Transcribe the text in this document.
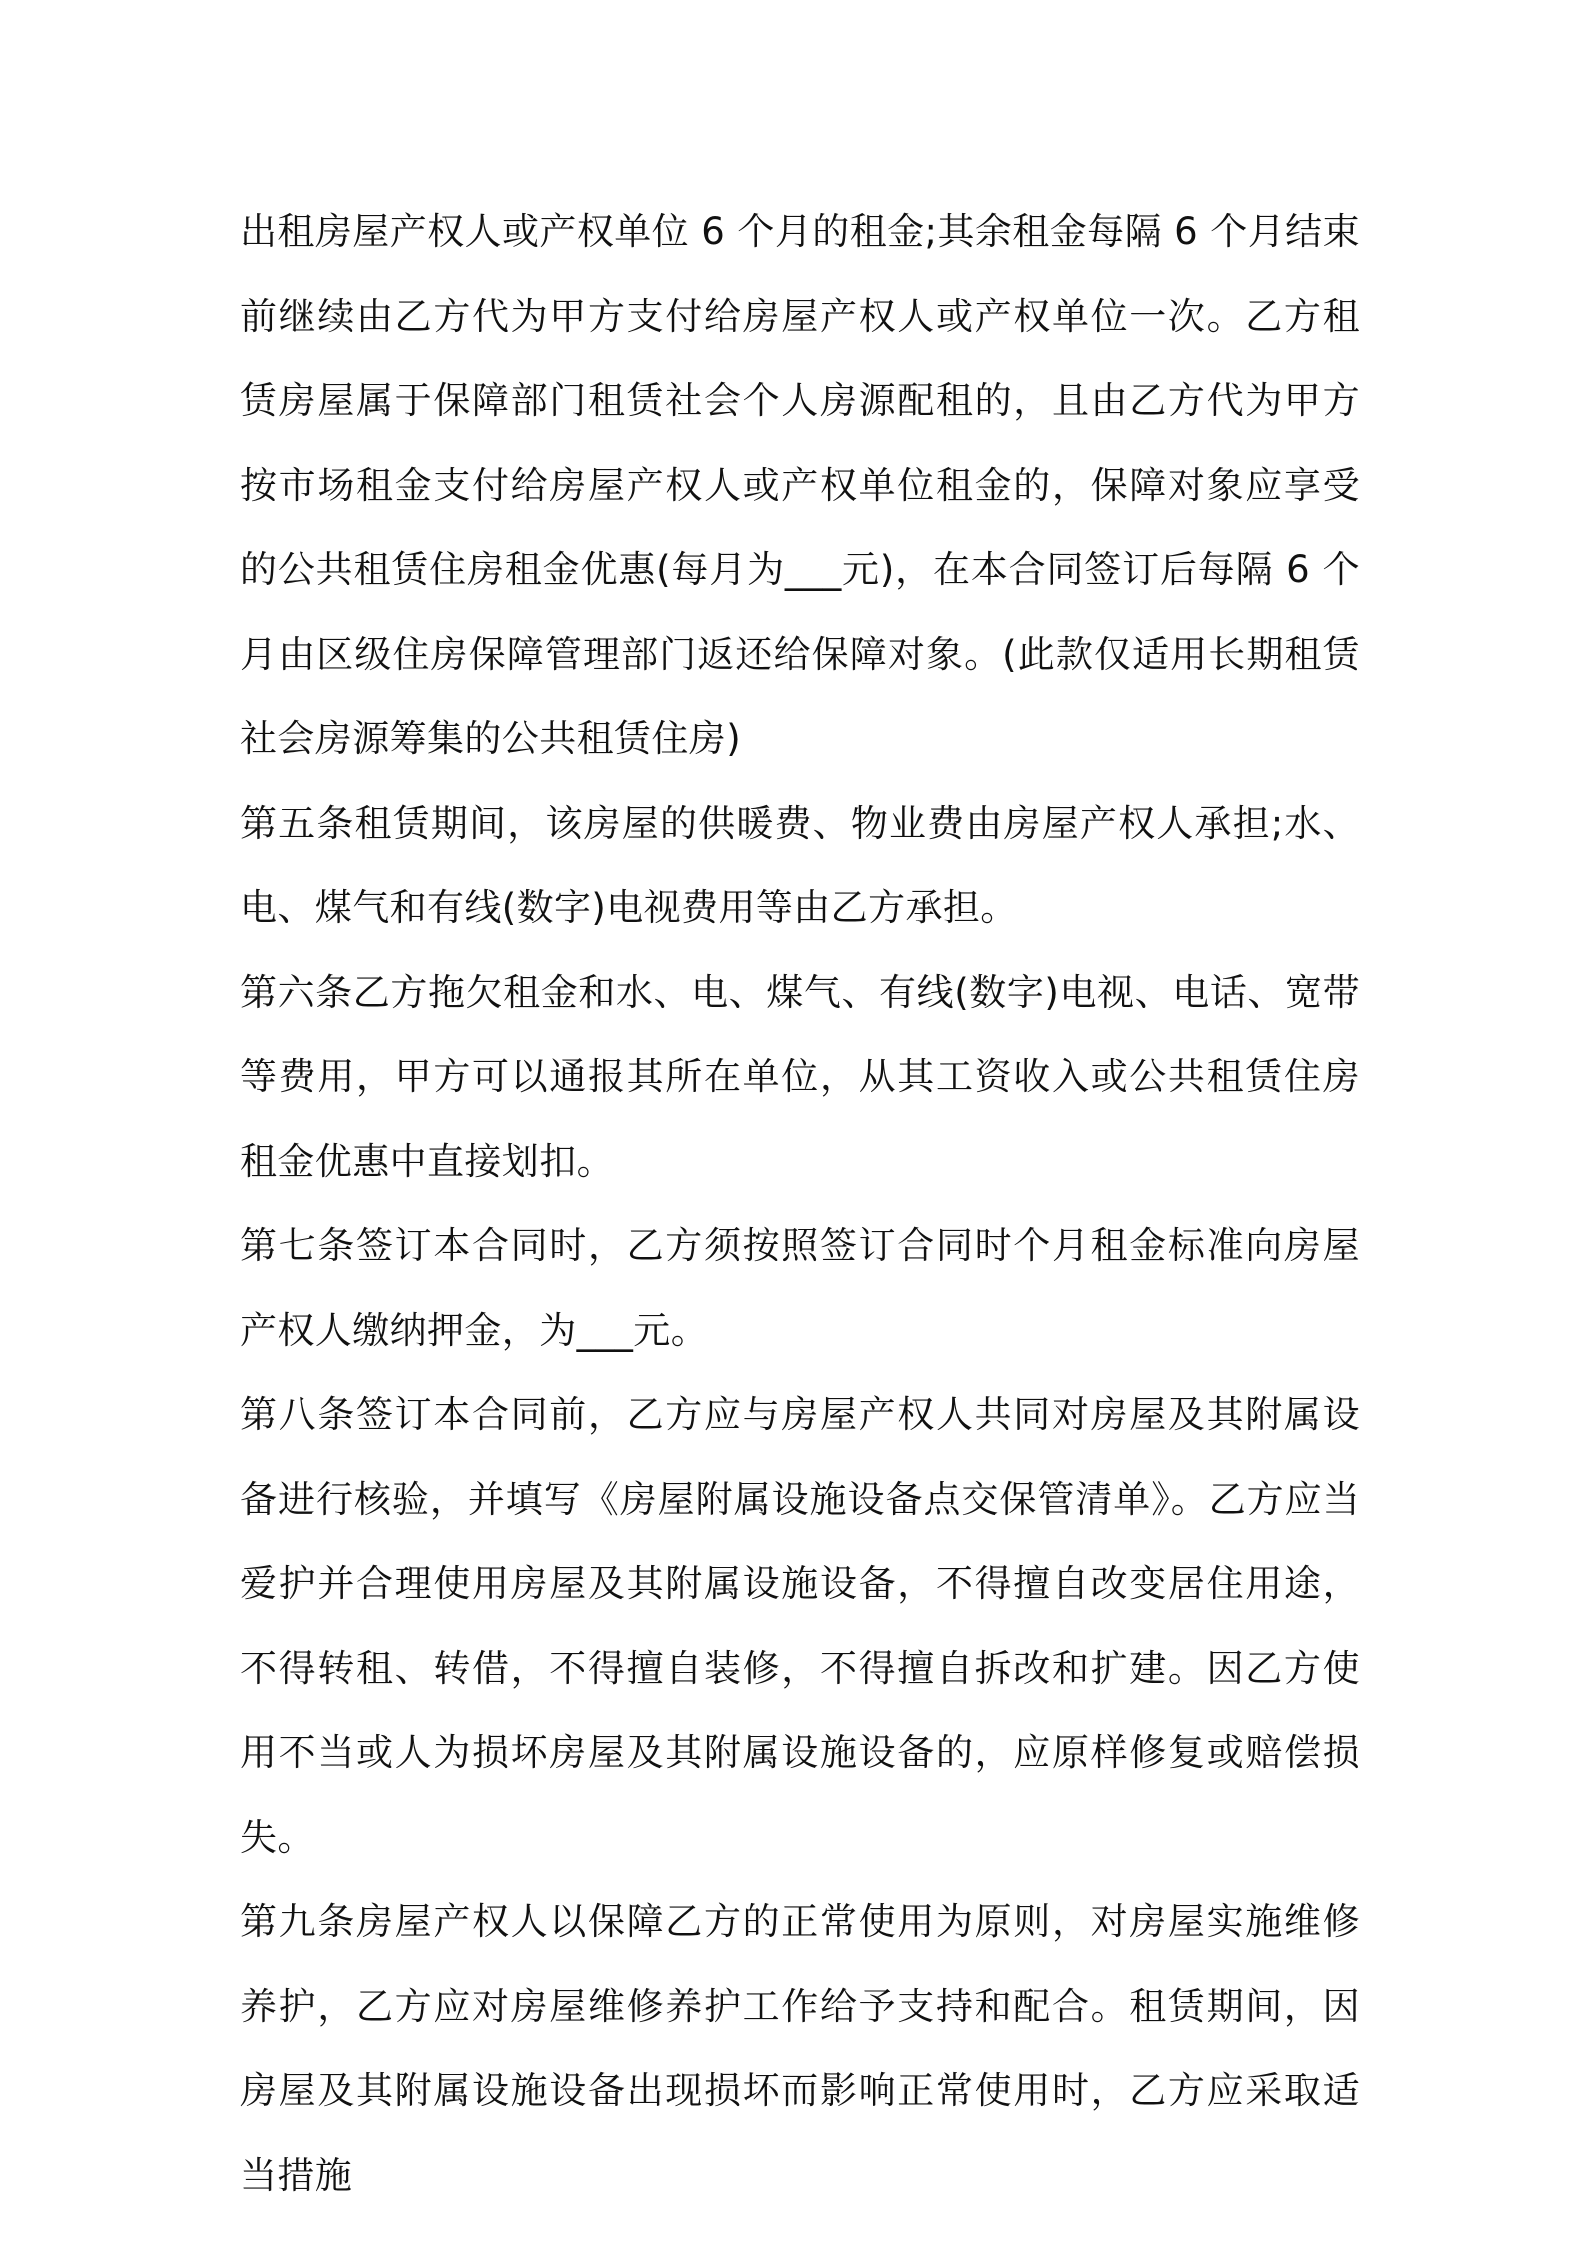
出租房屋产权人或产权单位 6 个月的租金;其余租金每隔 6 个月结束前继续由乙方代为甲方支付给房屋产权人或产权单位一次。乙方租赁房屋属于保障部门租赁社会个人房源配租的，且由乙方代为甲方按市场租金支付给房屋产权人或产权单位租金的，保障对象应享受的公共租赁住房租金优惠(每月为___元)，在本合同签订后每隔 6 个月由区级住房保障管理部门返还给保障对象。(此款仅适用长期租赁社会房源筹集的公共租赁住房)

第五条租赁期间，该房屋的供暖费、物业费由房屋产权人承担;水、电、煤气和有线(数字)电视费用等由乙方承担。

第六条乙方拖欠租金和水、电、煤气、有线(数字)电视、电话、宽带等费用，甲方可以通报其所在单位，从其工资收入或公共租赁住房租金优惠中直接划扣。

第七条签订本合同时，乙方须按照签订合同时个月租金标准向房屋产权人缴纳押金，为___元。

第八条签订本合同前，乙方应与房屋产权人共同对房屋及其附属设备进行核验，并填写《房屋附属设施设备点交保管清单》。乙方应当爱护并合理使用房屋及其附属设施设备，不得擅自改变居住用途，不得转租、转借，不得擅自装修，不得擅自拆改和扩建。因乙方使用不当或人为损坏房屋及其附属设施设备的，应原样修复或赔偿损失。

第九条房屋产权人以保障乙方的正常使用为原则，对房屋实施维修养护，乙方应对房屋维修养护工作给予支持和配合。租赁期间，因房屋及其附属设施设备出现损坏而影响正常使用时，乙方应采取适当措施
